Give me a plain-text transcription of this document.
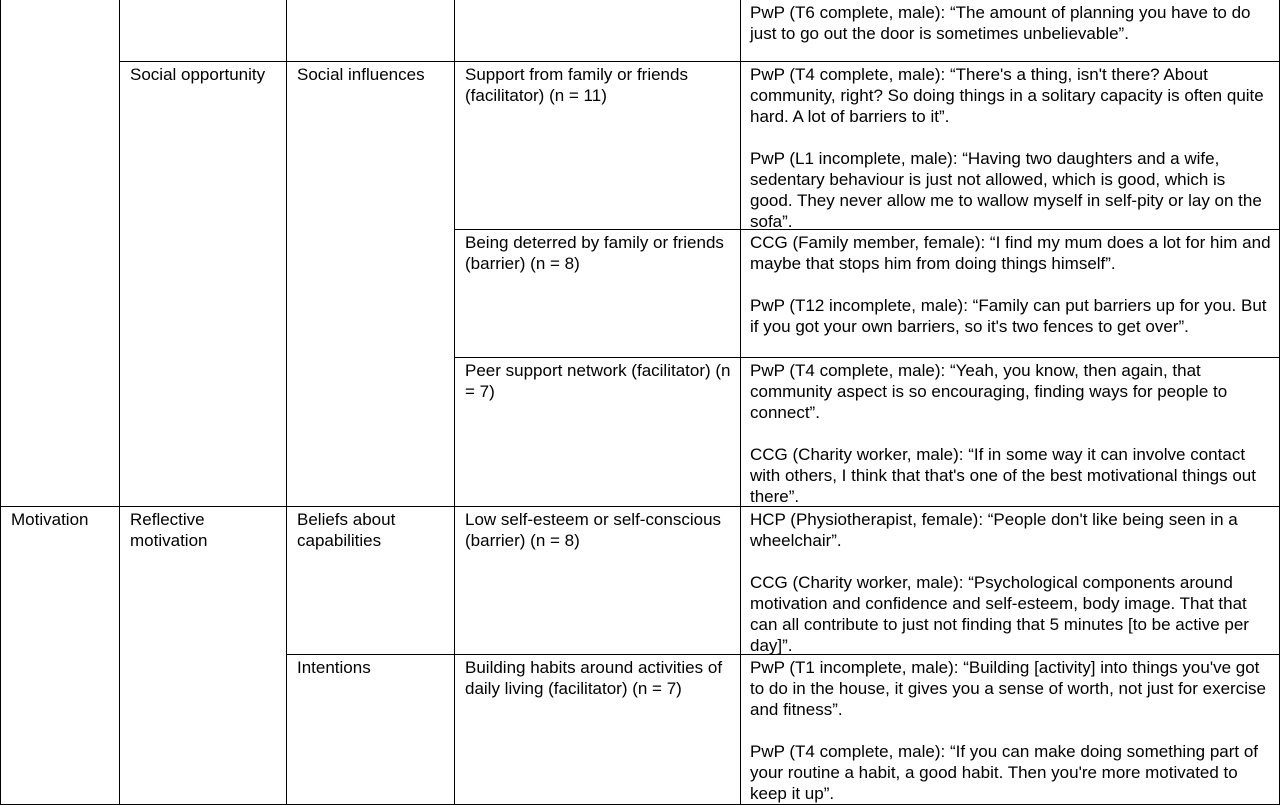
Motivation
Social opportunity
Reflective motivation
Social influences
Beliefs about capabilities
Intentions
Support from family or friends (facilitator) (n = 11)
Being deterred by family or friends (barrier) (n = 8)
Peer support network (facilitator) (n = 7)
Low self-esteem or self-conscious (barrier) (n = 8)
Building habits around activities of daily living (facilitator) (n = 7)
PwP (T6 complete, male): “The amount of planning you have to do just to go out the door is sometimes unbelievable”.
PwP (T4 complete, male): “There's a thing, isn't there? About community, right? So doing things in a solitary capacity is often quite hard. A lot of barriers to it”.
PwP (L1 incomplete, male): “Having two daughters and a wife, sedentary behaviour is just not allowed, which is good, which is good. They never allow me to wallow myself in self-pity or lay on the sofa”.
CCG (Family member, female): “I find my mum does a lot for him and maybe that stops him from doing things himself”.
PwP (T12 incomplete, male): “Family can put barriers up for you. But if you got your own barriers, so it's two fences to get over”.
PwP (T4 complete, male): “Yeah, you know, then again, that community aspect is so encouraging, finding ways for people to connect”.
CCG (Charity worker, male): “If in some way it can involve contact with others, I think that that's one of the best motivational things out there”.
HCP (Physiotherapist, female): “People don't like being seen in a wheelchair”.
CCG (Charity worker, male): “Psychological components around motivation and confidence and self-esteem, body image. That that can all contribute to just not finding that 5 minutes [to be active per day]”.
PwP (T1 incomplete, male): “Building [activity] into things you've got to do in the house, it gives you a sense of worth, not just for exercise and fitness”.
PwP (T4 complete, male): “If you can make doing something part of your routine a habit, a good habit. Then you're more motivated to keep it up”.
